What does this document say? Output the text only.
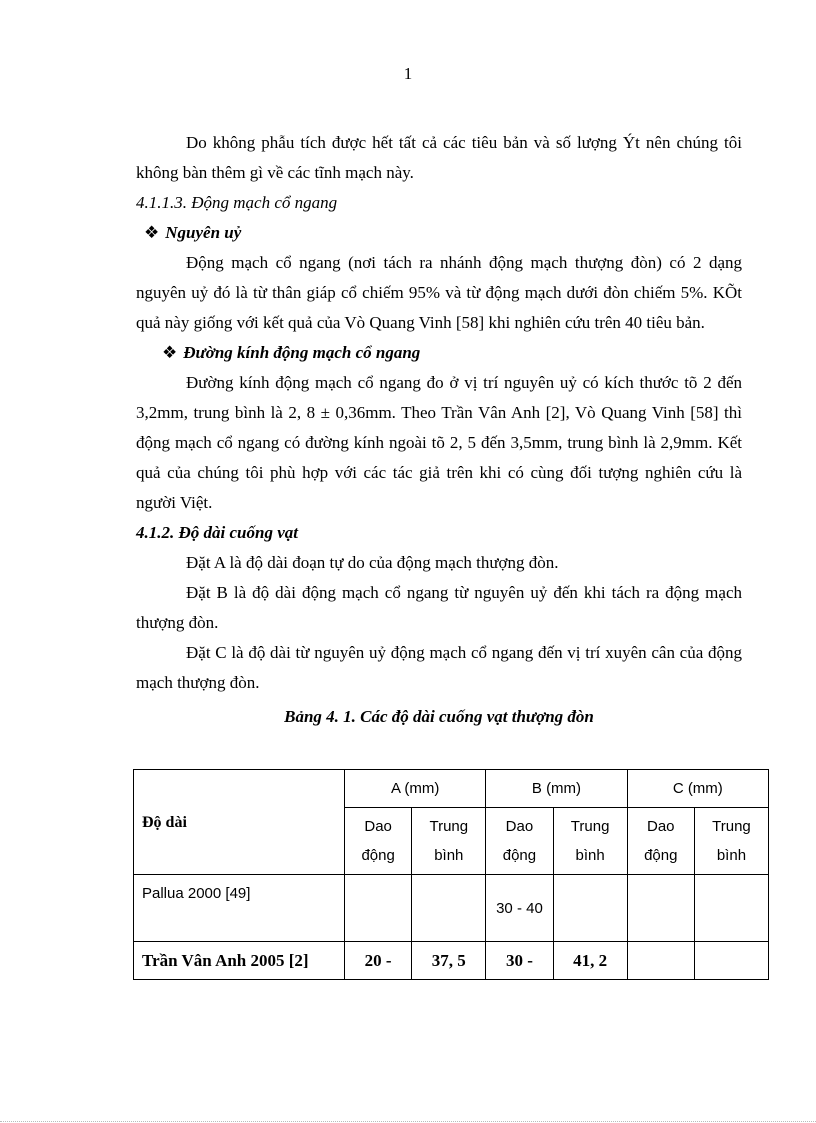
1

Do không phẫu tích được hết tất cả các tiêu bản và số lượng Ýt nên chúng tôi không bàn thêm gì về các tĩnh mạch này.

4.1.1.3. Động mạch cổ ngang

❖ Nguyên uỷ

Động mạch cổ ngang (nơi tách ra nhánh động mạch thượng đòn) có 2 dạng nguyên uỷ đó là từ thân giáp cổ chiếm 95% và từ động mạch dưới đòn chiếm 5%. KÕt quả này giống với kết quả của Vò Quang Vinh [58] khi nghiên cứu trên 40 tiêu bản.

❖ Đường kính động mạch cổ ngang

Đường kính động mạch cổ ngang đo ở vị trí nguyên uỷ có kích thước tõ 2 đến 3,2mm, trung bình là 2, 8 ± 0,36mm. Theo Trần Vân Anh [2], Vò Quang Vinh [58] thì động mạch cổ ngang có đường kính ngoài tõ 2, 5 đến 3,5mm, trung bình là 2,9mm. Kết quả của chúng tôi phù hợp với các tác giả trên khi có cùng đối tượng nghiên cứu là người Việt.

4.1.2. Độ dài cuống vạt

Đặt A là độ dài đoạn tự do của động mạch thượng đòn.

Đặt B là độ dài động mạch cổ ngang từ nguyên uỷ đến khi tách ra động mạch thượng đòn.

Đặt C là độ dài từ nguyên uỷ động mạch cổ ngang đến vị trí xuyên cân của động mạch thượng đòn.

Bảng 4. 1. Các độ dài cuống vạt thượng đòn

Độ dài	A (mm)		B (mm)		C (mm)	
	Dao động	Trung bình	Dao động	Trung bình	Dao động	Trung bình
Pallua 2000 [49]			30 - 40			
Trần Vân Anh 2005 [2]	20 -	37, 5	30 -	41, 2		
